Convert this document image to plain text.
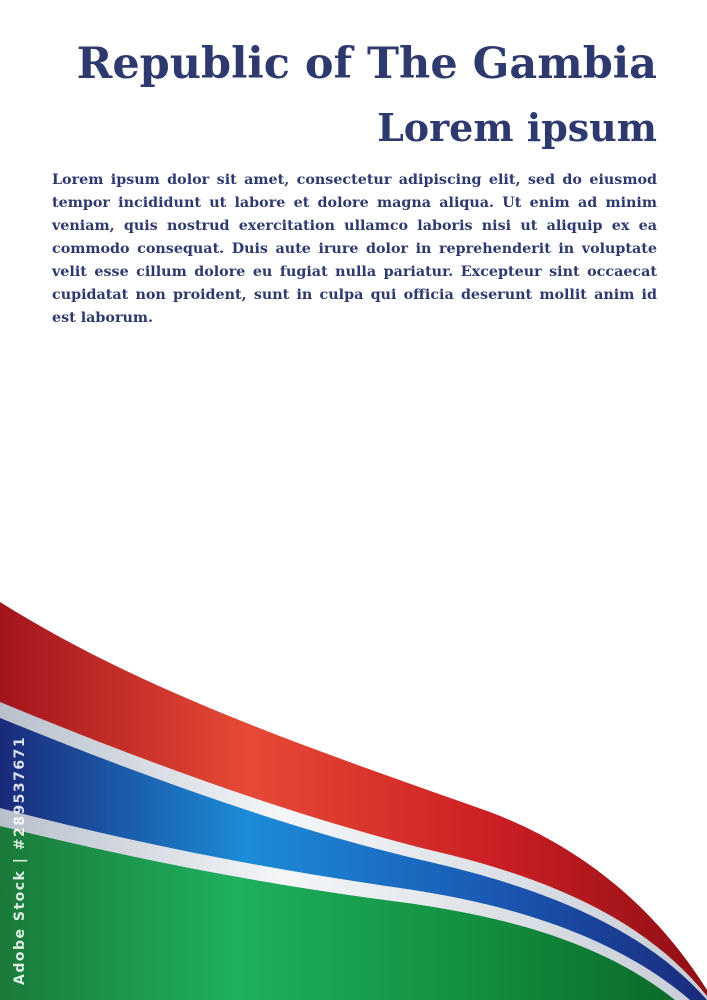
Republic of The Gambia
Lorem ipsum

Lorem ipsum dolor sit amet, consectetur adipiscing elit, sed do eiusmod tempor incididunt ut labore et dolore magna aliqua. Ut enim ad minim veniam, quis nostrud exercitation ullamco laboris nisi ut aliquip ex ea commodo consequat. Duis aute irure dolor in reprehenderit in voluptate velit esse cillum dolore eu fugiat nulla pariatur. Excepteur sint occaecat cupidatat non proident, sunt in culpa qui officia deserunt mollit anim id est laborum.

Adobe Stock | #289537671
